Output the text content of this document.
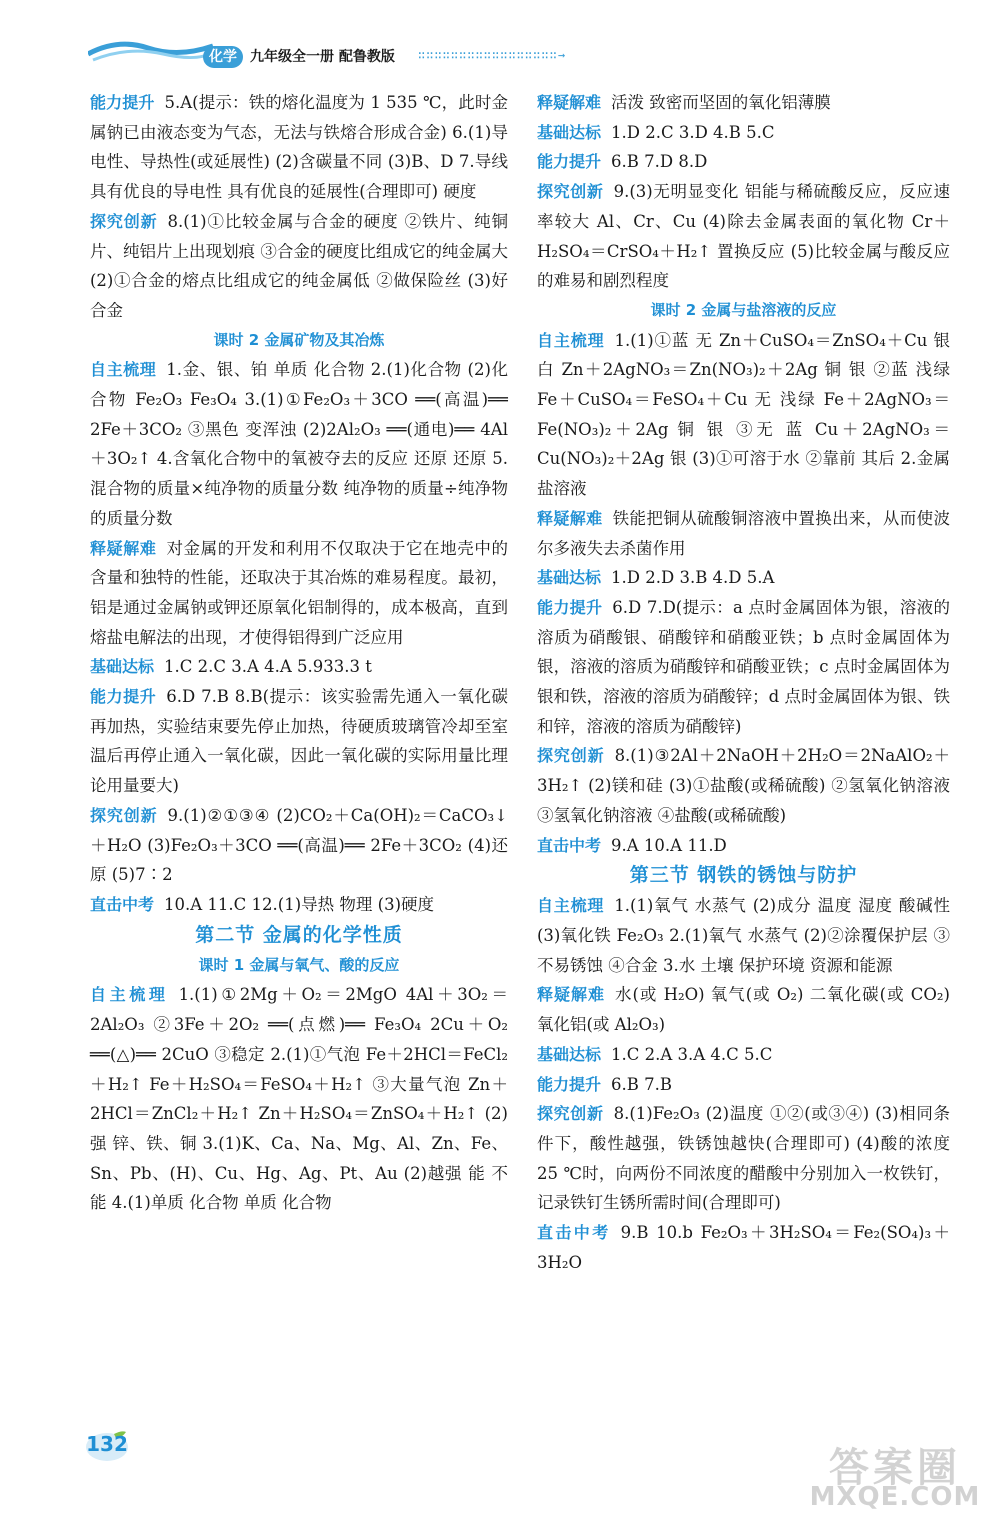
化学 九年级全一册 配鲁教版 ∷∷∷∷∷∷∷∷∷∷∷∷∷∷∷∷∷→

能力提升 5.A(提示：铁的熔化温度为 1 535 ℃，此时金属钠已由液态变为气态，无法与铁熔合形成合金) 6.(1)导电性、导热性(或延展性) (2)含碳量不同 (3)B、D 7.导线 具有优良的导电性 具有优良的延展性(合理即可) 硬度

探究创新 8.(1)①比较金属与合金的硬度 ②铁片、纯铜片、纯铝片上出现划痕 ③合金的硬度比组成它的纯金属大 (2)①合金的熔点比组成它的纯金属低 ②做保险丝 (3)好 合金

课时 2 金属矿物及其冶炼

自主梳理 1.金、银、铂 单质 化合物 2.(1)化合物 (2)化合物 Fe₂O₃ Fe₃O₄ 3.(1)①Fe₂O₃＋3CO ══(高温)══ 2Fe＋3CO₂ ③黑色 变浑浊 (2)2Al₂O₃ ══(通电)══ 4Al＋3O₂↑ 4.含氧化合物中的氧被夺去的反应 还原 还原 5.混合物的质量×纯净物的质量分数 纯净物的质量÷纯净物的质量分数

释疑解难 对金属的开发和利用不仅取决于它在地壳中的含量和独特的性能，还取决于其冶炼的难易程度。最初，铝是通过金属钠或钾还原氧化铝制得的，成本极高，直到熔盐电解法的出现，才使得铝得到广泛应用

基础达标 1.C 2.C 3.A 4.A 5.933.3 t

能力提升 6.D 7.B 8.B(提示：该实验需先通入一氧化碳再加热，实验结束要先停止加热，待硬质玻璃管冷却至室温后再停止通入一氧化碳，因此一氧化碳的实际用量比理论用量要大)

探究创新 9.(1)②①③④ (2)CO₂＋Ca(OH)₂＝CaCO₃↓＋H₂O (3)Fe₂O₃＋3CO ══(高温)══ 2Fe＋3CO₂ (4)还原 (5)7∶2

直击中考 10.A 11.C 12.(1)导热 物理 (3)硬度

第二节 金属的化学性质
课时 1 金属与氧气、酸的反应

自主梳理 1.(1)①2Mg＋O₂＝2MgO 4Al＋3O₂＝2Al₂O₃ ②3Fe＋2O₂ ══(点燃)══ Fe₃O₄ 2Cu＋O₂ ══(△)══ 2CuO ③稳定 2.(1)①气泡 Fe＋2HCl＝FeCl₂＋H₂↑ Fe＋H₂SO₄＝FeSO₄＋H₂↑ ③大量气泡 Zn＋2HCl＝ZnCl₂＋H₂↑ Zn＋H₂SO₄＝ZnSO₄＋H₂↑ (2)强 锌、铁、铜 3.(1)K、Ca、Na、Mg、Al、Zn、Fe、Sn、Pb、(H)、Cu、Hg、Ag、Pt、Au (2)越强 能 不能 4.(1)单质 化合物 单质 化合物

释疑解难 活泼 致密而坚固的氧化铝薄膜

基础达标 1.D 2.C 3.D 4.B 5.C

能力提升 6.B 7.D 8.D

探究创新 9.(3)无明显变化 铝能与稀硫酸反应，反应速率较大 Al、Cr、Cu (4)除去金属表面的氧化物 Cr＋H₂SO₄＝CrSO₄＋H₂↑ 置换反应 (5)比较金属与酸反应的难易和剧烈程度

课时 2 金属与盐溶液的反应

自主梳理 1.(1)①蓝 无 Zn＋CuSO₄＝ZnSO₄＋Cu 银白 Zn＋2AgNO₃＝Zn(NO₃)₂＋2Ag 铜 银 ②蓝 浅绿 Fe＋CuSO₄＝FeSO₄＋Cu 无 浅绿 Fe＋2AgNO₃＝Fe(NO₃)₂＋2Ag 铜 银 ③无 蓝 Cu＋2AgNO₃＝Cu(NO₃)₂＋2Ag 银 (3)①可溶于水 ②靠前 其后 2.金属 盐溶液

释疑解难 铁能把铜从硫酸铜溶液中置换出来，从而使波尔多液失去杀菌作用

基础达标 1.D 2.D 3.B 4.D 5.A

能力提升 6.D 7.D(提示：a 点时金属固体为银，溶液的溶质为硝酸银、硝酸锌和硝酸亚铁；b 点时金属固体为银，溶液的溶质为硝酸锌和硝酸亚铁；c 点时金属固体为银和铁，溶液的溶质为硝酸锌；d 点时金属固体为银、铁和锌，溶液的溶质为硝酸锌)

探究创新 8.(1)③2Al＋2NaOH＋2H₂O＝2NaAlO₂＋3H₂↑ (2)镁和硅 (3)①盐酸(或稀硫酸) ②氢氧化钠溶液 ③氢氧化钠溶液 ④盐酸(或稀硫酸)

直击中考 9.A 10.A 11.D

第三节 钢铁的锈蚀与防护

自主梳理 1.(1)氧气 水蒸气 (2)成分 温度 湿度 酸碱性 (3)氧化铁 Fe₂O₃ 2.(1)氧气 水蒸气 (2)②涂覆保护层 ③不易锈蚀 ④合金 3.水 土壤 保护环境 资源和能源

释疑解难 水(或 H₂O) 氧气(或 O₂) 二氧化碳(或 CO₂) 氧化铝(或 Al₂O₃)

基础达标 1.C 2.A 3.A 4.C 5.C

能力提升 6.B 7.B

探究创新 8.(1)Fe₂O₃ (2)温度 ①②(或③④) (3)相同条件下，酸性越强，铁锈蚀越快(合理即可) (4)酸的浓度 25 ℃时，向两份不同浓度的醋酸中分别加入一枚铁钉，记录铁钉生锈所需时间(合理即可)

直击中考 9.B 10.b Fe₂O₃＋3H₂SO₄＝Fe₂(SO₄)₃＋3H₂O

132
答案圈
MXQE.COM
